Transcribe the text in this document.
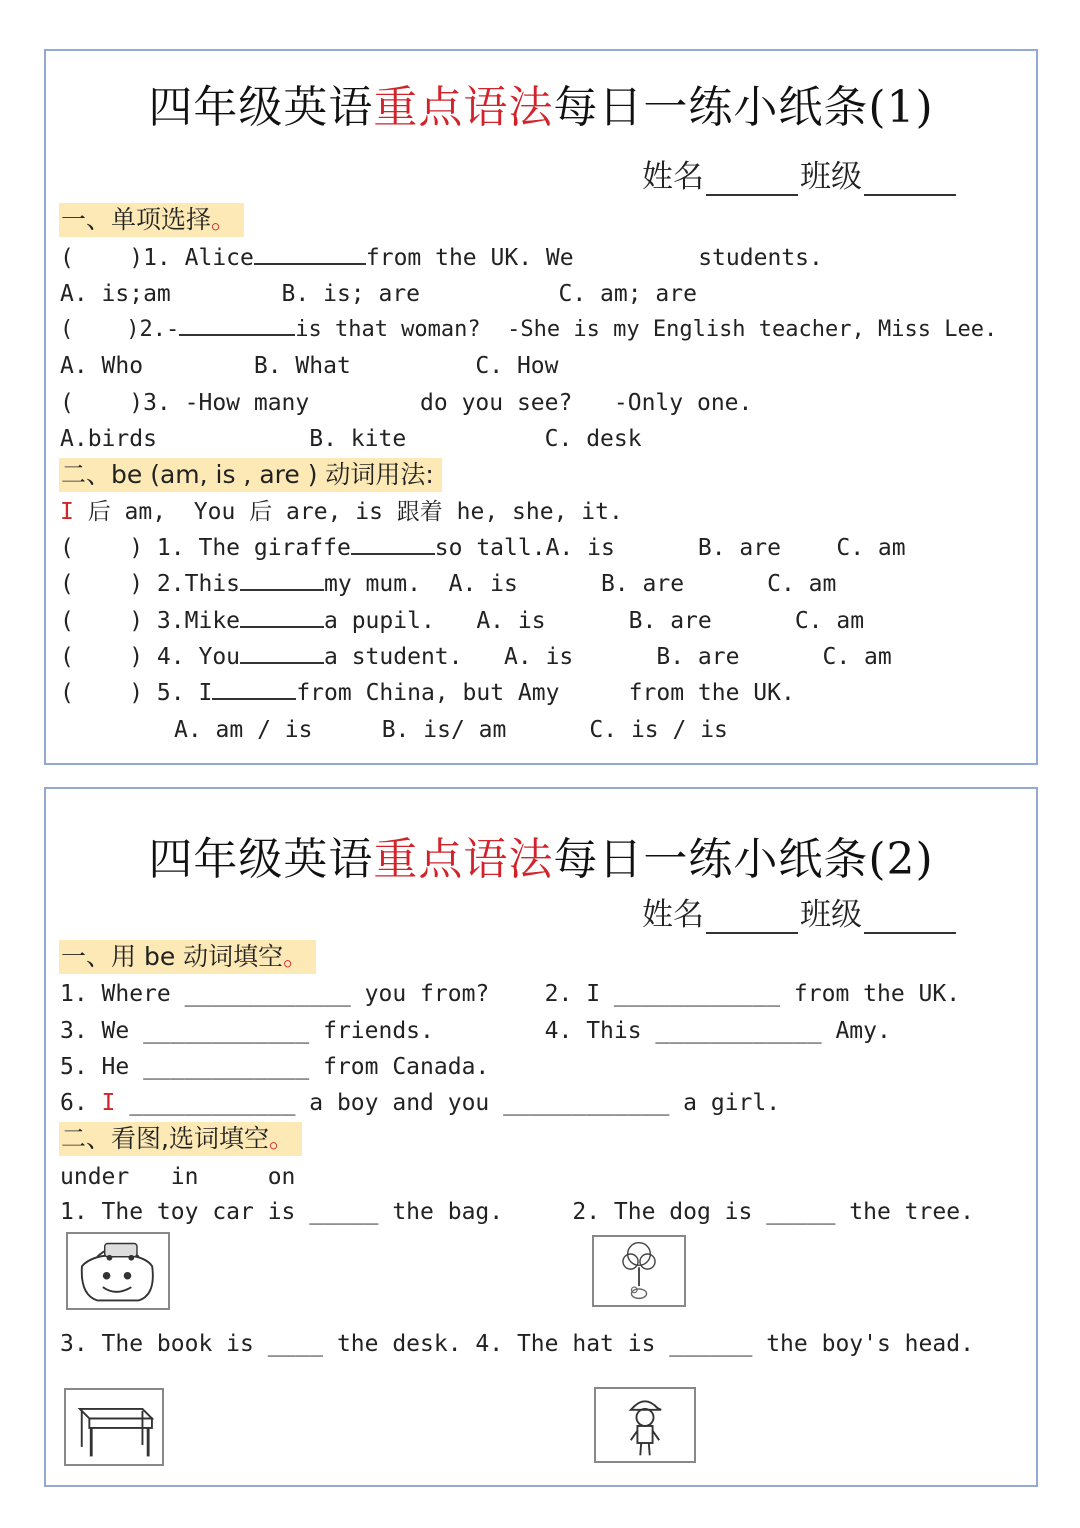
四年级英语重点语法每日一练小纸条(1)
姓名	班级
一、单项选择。
(    )1. Alice	from the UK. We         students.
A. is;am        B. is; are          C. am; are
(    )2.-	is that woman?  -She is my English teacher, Miss Lee.
A. Who        B. What         C. How
(    )3. -How many        do you see?   -Only one.
A.birds           B. kite          C. desk
二、be (am, is , are ) 动词用法:
I 后 am,  You 后 are, is 跟着 he, she, it.
(    ) 1. The giraffe	so tall.A. is      B. are    C. am
(    ) 2.This	my mum.  A. is      B. are      C. am
(    ) 3.Mike	a pupil.   A. is      B. are      C. am
(    ) 4. You	a student.   A. is      B. are      C. am
(    ) 5. I	from China, but Amy     from the UK.
A. am / is     B. is/ am      C. is / is
四年级英语重点语法每日一练小纸条(2)
姓名	班级
一、用 be 动词填空。
1. Where ____________ you from?    2. I ____________ from the UK.
3. We ____________ friends.        4. This ____________ Amy.
5. He ____________ from Canada.
6. I ____________ a boy and you ____________ a girl.
二、看图,选词填空。
under   in     on
1. The toy car is _____ the bag.     2. The dog is _____ the tree.
3. The book is ____ the desk. 4. The hat is ______ the boy's head.
